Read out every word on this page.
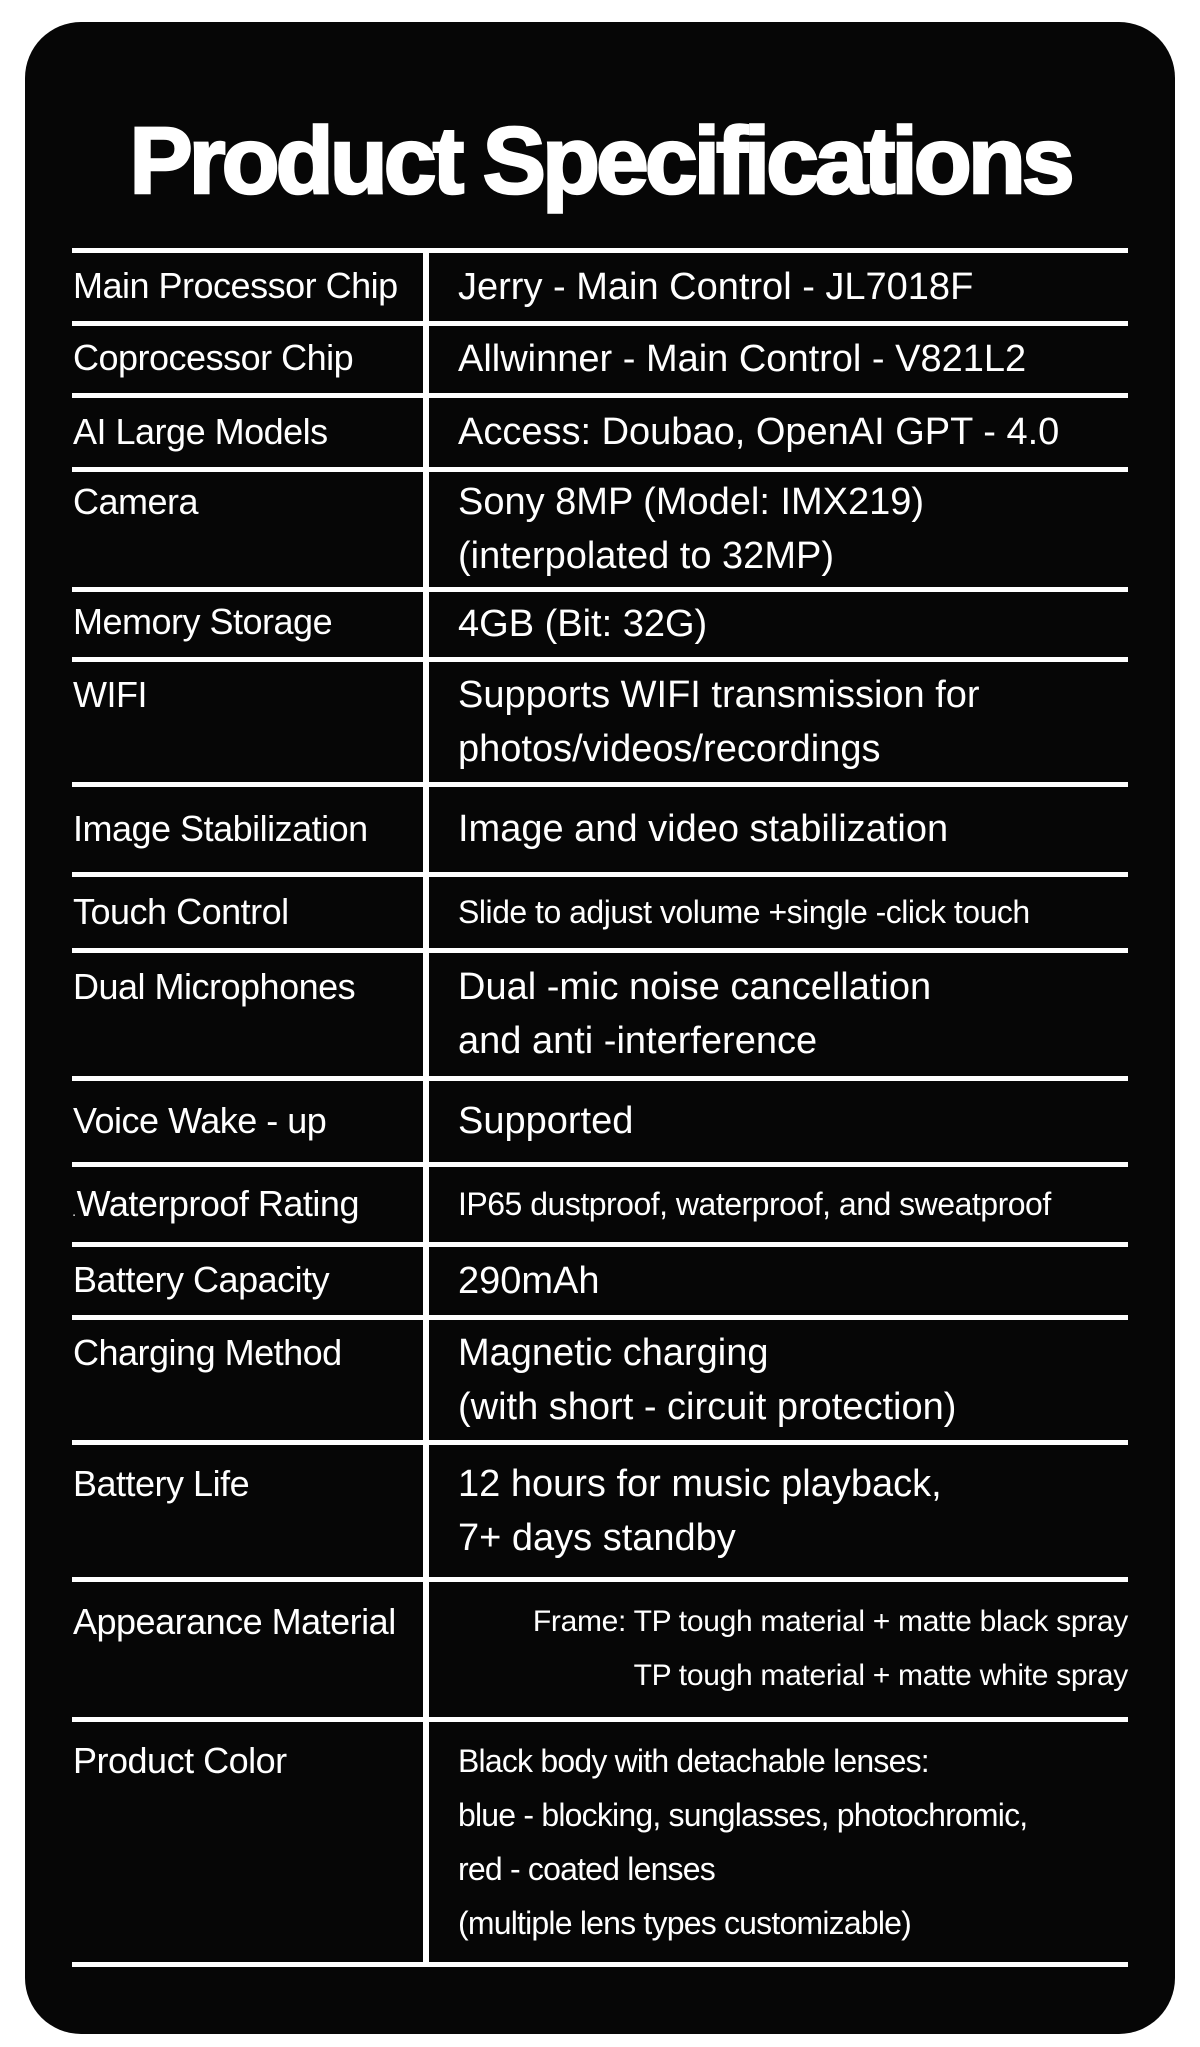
Product Specifications
Main Processor Chip	Jerry - Main Control - JL7018F
Coprocessor Chip	Allwinner - Main Control - V821L2
AI Large Models	Access: Doubao, OpenAI GPT - 4.0
Camera	Sony 8MP (Model: IMX219)
(interpolated to 32MP)
Memory Storage	4GB (Bit: 32G)
WIFI	Supports WIFI transmission for
photos/videos/recordings
Image Stabilization	Image and video stabilization
Touch Control	Slide to adjust volume +single -click touch
Dual Microphones	Dual -mic noise cancellation
and anti -interference
Voice Wake - up	Supported
.Waterproof Rating	IP65 dustproof, waterproof, and sweatproof
Battery Capacity	290mAh
Charging Method	Magnetic charging
(with short - circuit protection)
Battery Life	12 hours for music playback,
7+ days standby
Appearance Material	Frame: TP tough material + matte black spray
TP tough material + matte white spray
Product Color	Black body with detachable lenses:
blue - blocking, sunglasses, photochromic,
red - coated lenses
(multiple lens types customizable)
